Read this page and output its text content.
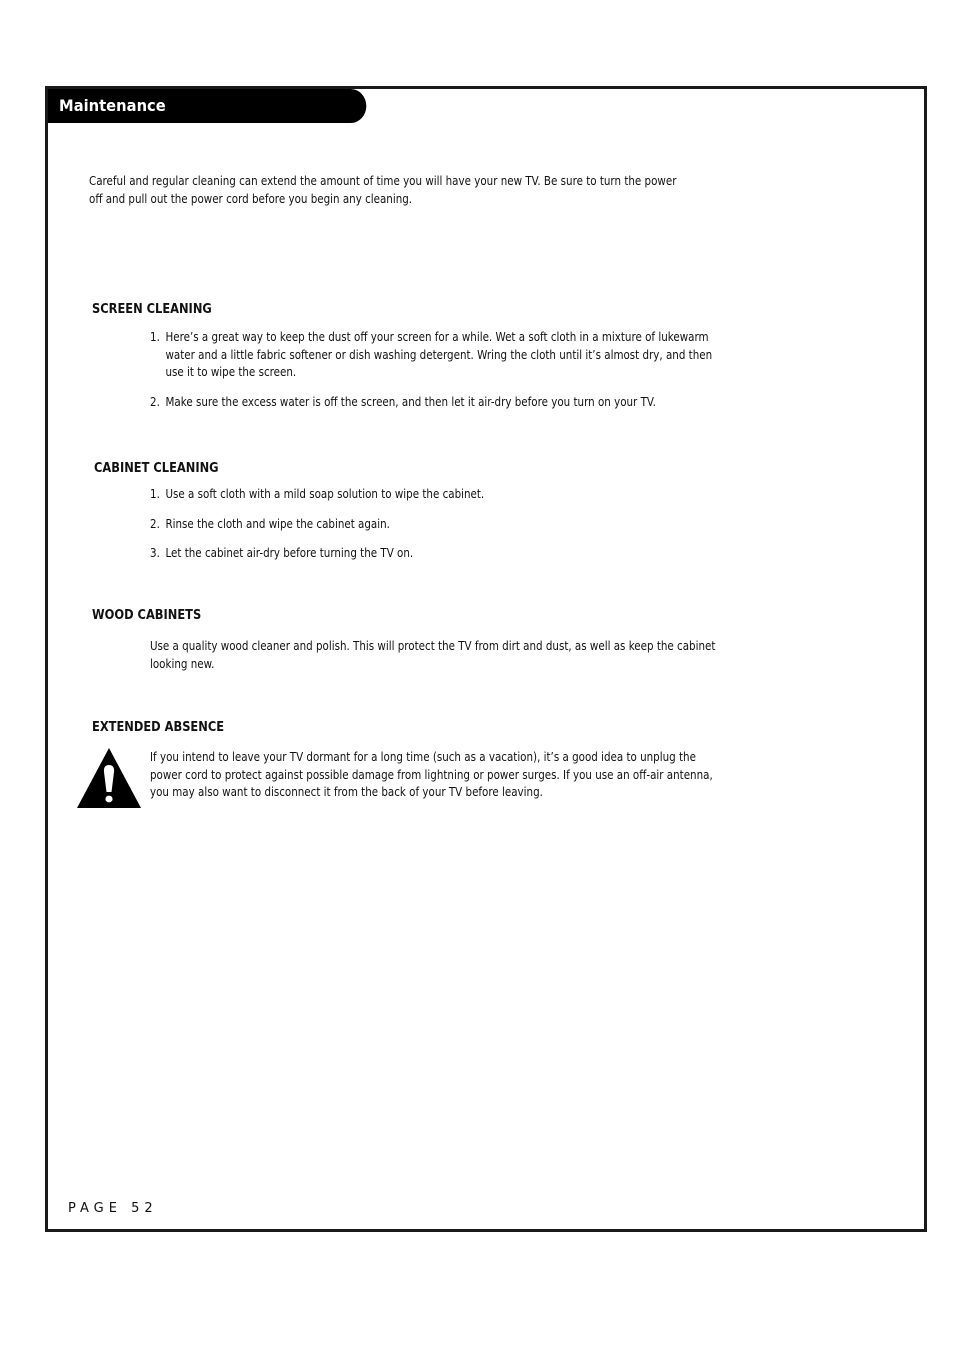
Maintenance
Careful and regular cleaning can extend the amount of time you will have your new TV. Be sure to turn the power off and pull out the power cord before you begin any cleaning.
SCREEN CLEANING
1. Here’s a great way to keep the dust off your screen for a while. Wet a soft cloth in a mixture of lukewarm water and a little fabric softener or dish washing detergent. Wring the cloth until it’s almost dry, and then use it to wipe the screen.
2. Make sure the excess water is off the screen, and then let it air-dry before you turn on your TV.
CABINET CLEANING
1. Use a soft cloth with a mild soap solution to wipe the cabinet.
2. Rinse the cloth and wipe the cabinet again.
3. Let the cabinet air-dry before turning the TV on.
WOOD CABINETS
Use a quality wood cleaner and polish. This will protect the TV from dirt and dust, as well as keep the cabinet looking new.
EXTENDED ABSENCE
If you intend to leave your TV dormant for a long time (such as a vacation), it’s a good idea to unplug the power cord to protect against possible damage from lightning or power surges. If you use an off-air antenna, you may also want to disconnect it from the back of your TV before leaving.
PAGE 52
